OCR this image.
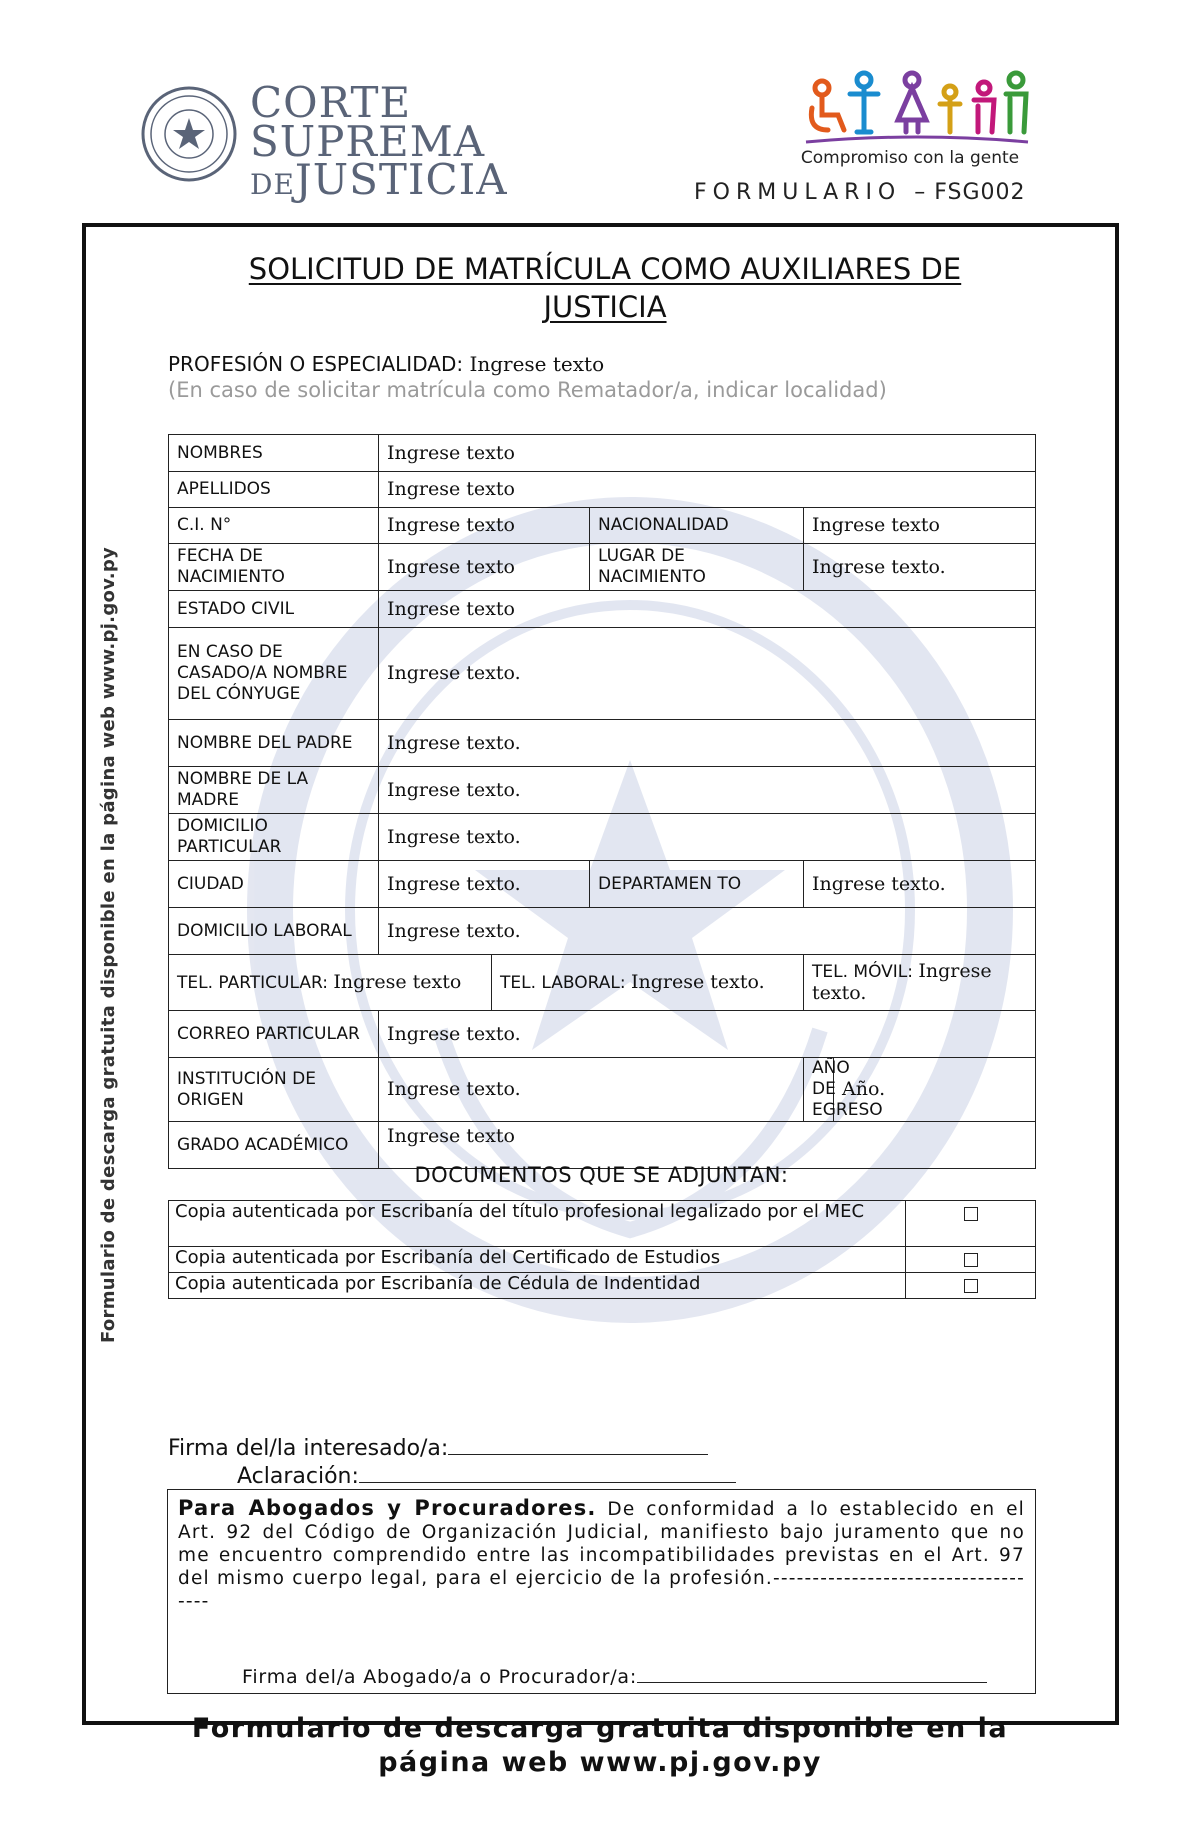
CORTE
SUPREMA
DEJUSTICIA	Compromiso con la gente
FORMULARIO – FSG002
Formulario de descarga gratuita disponible en la página web www.pj.gov.py
SOLICITUD DE MATRÍCULA COMO AUXILIARES DE JUSTICIA
PROFESIÓN O ESPECIALIDAD: Ingrese texto
(En caso de solicitar matrícula como Rematador/a, indicar localidad)
NOMBRES	Ingrese texto				
APELLIDOS	Ingrese texto				
C.I. N°	Ingrese texto		NACIONALIDAD	Ingrese texto	
FECHA DE NACIMIENTO	Ingrese texto		LUGAR DE NACIMIENTO	Ingrese texto.	
ESTADO CIVIL	Ingrese texto				
EN CASO DE CASADO/A NOMBRE DEL CÓNYUGE	Ingrese texto.				
NOMBRE DEL PADRE	Ingrese texto.				
NOMBRE DE LA MADRE	Ingrese texto.				
DOMICILIO PARTICULAR	Ingrese texto.				
CIUDAD	Ingrese texto.		DEPARTAMEN TO	Ingrese texto.	
DOMICILIO LABORAL	Ingrese texto.				
TEL. PARTICULAR: Ingrese texto		TEL. LABORAL: Ingrese texto.		TEL. MÓVIL: Ingrese texto.	
CORREO PARTICULAR	Ingrese texto.				
INSTITUCIÓN DE ORIGEN	Ingrese texto.			AÑO DE EGRESO	Año.
GRADO ACADÉMICO	Ingrese texto				
DOCUMENTOS QUE SE ADJUNTAN:
Copia autenticada por Escribanía del título profesional legalizado por el MEC	
Copia autenticada por Escribanía del Certificado de Estudios	
Copia autenticada por Escribanía de Cédula de Indentidad	
Firma del/la interesado/a:
Aclaración:

Para Abogados y Procuradores. De conformidad a lo establecido en el Art. 92 del Código de Organización Judicial, manifiesto bajo juramento que no me encuentro comprendido entre las incompatibilidades previstas en el Art. 97 del mismo cuerpo legal, para el ejercicio de la profesión.------------------------------------

Firma del/a Abogado/a o Procurador/a:
Formulario de descarga gratuita disponible en la
página web www.pj.gov.py
